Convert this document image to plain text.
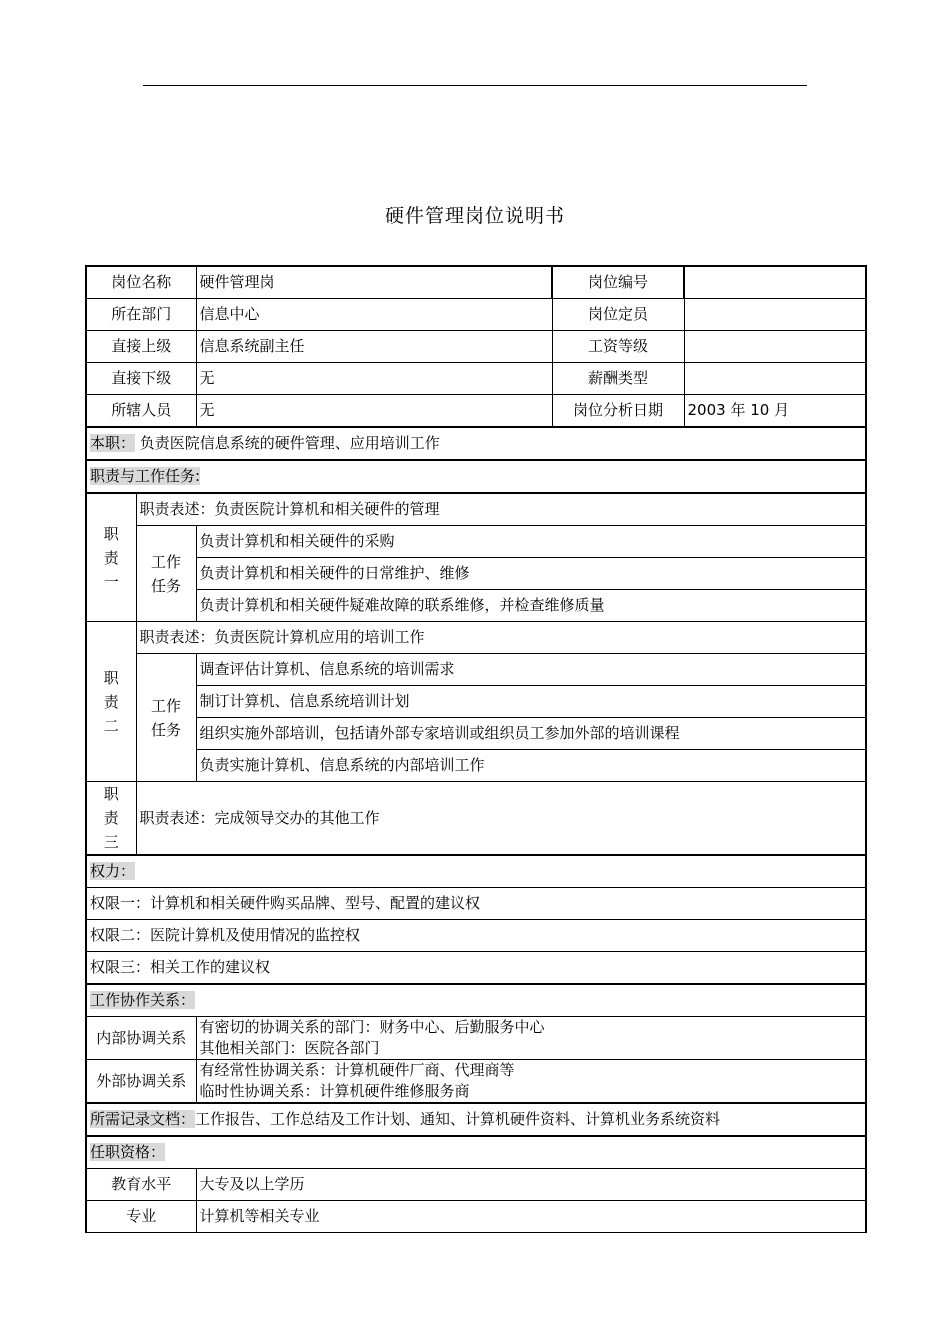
硬件管理岗位说明书
岗位名称		硬件管理岗	岗位编号	
所在部门		信息中心	岗位定员	
直接上级		信息系统副主任	工资等级	
直接下级		无	薪酬类型	
所辖人员		无	岗位分析日期	2003 年 10 月
本职： 负责医院信息系统的硬件管理、应用培训工作				
职责与工作任务:				
职
责
一	职责表述：负责医院计算机和相关硬件的管理			
	工作
任务	负责计算机和相关硬件的采购		
		负责计算机和相关硬件的日常维护、维修		
		负责计算机和相关硬件疑难故障的联系维修，并检查维修质量		
职
责
二	职责表述：负责医院计算机应用的培训工作			
	工作
任务	调查评估计算机、信息系统的培训需求		
		制订计算机、信息系统培训计划		
		组织实施外部培训，包括请外部专家培训或组织员工参加外部的培训课程		
		负责实施计算机、信息系统的内部培训工作		
职
责
三	职责表述：完成领导交办的其他工作			
权力：				
权限一：计算机和相关硬件购买品牌、型号、配置的建议权				
权限二：医院计算机及使用情况的监控权				
权限三：相关工作的建议权				
工作协作关系：				
内部协调关系		有密切的协调关系的部门：财务中心、后勤服务中心
其他相关部门：医院各部门		

外部协调关系		有经常性协调关系：计算机硬件厂商、代理商等
临时性协调关系：计算机硬件维修服务商		

所需记录文档：工作报告、工作总结及工作计划、通知、计算机硬件资料、计算机业务系统资料				
任职资格：				
教育水平		大专及以上学历		
专业		计算机等相关专业		
